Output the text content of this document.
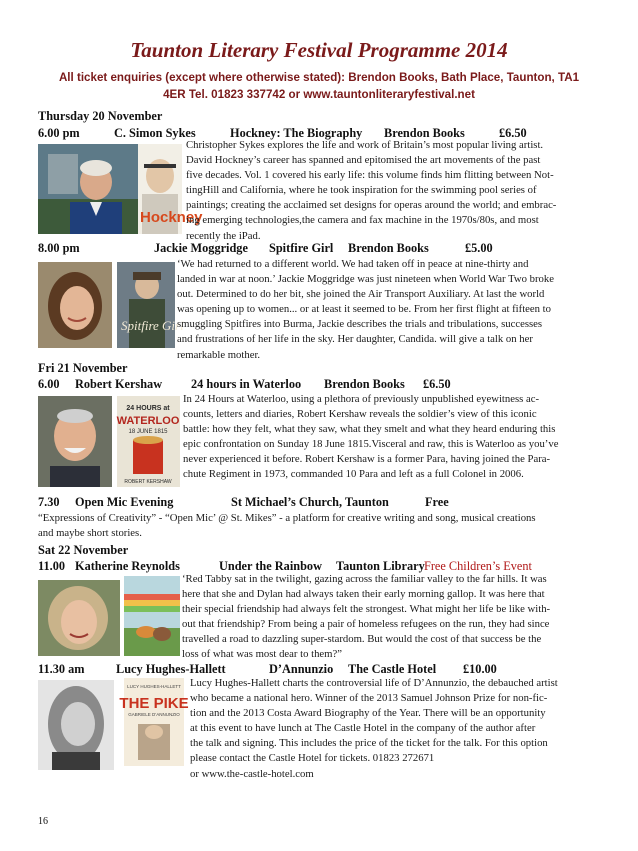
Taunton Literary Festival Programme 2014
All ticket enquiries (except where otherwise stated): Brendon Books, Bath Place, Taunton, TA1
4ER Tel. 01823 337742 or www.tauntonliteraryfestival.net
Thursday 20 November
6.00 pm	C. Simon Sykes	Hockney: The Biography Brendon Books	£6.50
Hockney

Christopher Sykes explores the life and work of Britain’s most popular living artist.

David Hockney’s career has spanned and epitomised the art movements of the past

five decades. Vol. 1 covered his early life: this volume finds him flitting between Not-

tingHill and California, where he took inspiration for the swimming pool series of

paintings; creating the acclaimed set designs for operas around the world; and embrac-

ing emerging technologies,the camera and fax machine in the 1970s/80s, and most

recently the iPad.

8.00 pm	Jackie Moggridge Spitfire Girl Brendon Books	£5.00
Spitfire Girl

‘We had returned to a different world. We had taken off in peace at nine-thirty and

landed in war at noon.’ Jackie Moggridge was just nineteen when World War Two broke

out. Determined to do her bit, she joined the Air Transport Auxiliary. At last the world

was opening up to women... or at least it seemed to be. From her first flight at fifteen to

smuggling Spitfires into Burma, Jackie describes the trials and tribulations, successes

and frustrations of her life in the sky. Her daughter, Candida. will give a talk on her

remarkable mother.

Fri 21 November
6.00 Robert Kershaw 24 hours in Waterloo Brendon Books £6.50
24 HOURS at
WATERLOO
18 JUNE 1815
ROBERT KERSHAW

In 24 Hours at Waterloo, using a plethora of previously unpublished eyewitness ac-

counts, letters and diaries, Robert Kershaw reveals the soldier’s view of this iconic

battle: how they felt, what they saw, what they smelt and what they heard enduring this

epic confrontation on Sunday 18 June 1815.Visceral and raw, this is Waterloo as you’ve

never experienced it before. Robert Kershaw is a former Para, having joined the Para-

chute Regiment in 1973, commanded 10 Para and left as a full Colonel in 2006.

7.30 Open Mic Evening	St Michael’s Church, Taunton	Free

“Expressions of Creativity” - “Open Mic’ @ St. Mikes” - a platform for creative writing and song, musical creations

and maybe short stories.

Sat 22 November
11.00 Katherine Reynolds	Under the Rainbow Taunton Library Free Children’s Event

‘Red Tabby sat in the twilight, gazing across the familiar valley to the far hills. It was

here that she and Dylan had always taken their early morning gallop. It was here that

their special friendship had always felt the strongest. What might her life be like with-

out that friendship? From being a pair of homeless refugees on the run, they had since

travelled a road to dazzling super-stardom. But would the cost of that success be the

loss of what was most dear to them?”

11.30 am	Lucy Hughes-Hallett	D’Annunzio The Castle Hotel £10.00
LUCY HUGHES-HALLETT
THE PIKE
GABRIELE D’ANNUNZIO

Lucy Hughes-Hallett charts the controversial life of D’Annunzio, the debauched artist

who became a national hero. Winner of the 2013 Samuel Johnson Prize for non-fic-

tion and the 2013 Costa Award Biography of the Year. There will be an opportunity

at this event to have lunch at The Castle Hotel in the company of the author after

the talk and signing. This includes the price of the ticket for the talk. For this option

please contact the Castle Hotel for tickets. 01823 272671

or www.the-castle-hotel.com

16
